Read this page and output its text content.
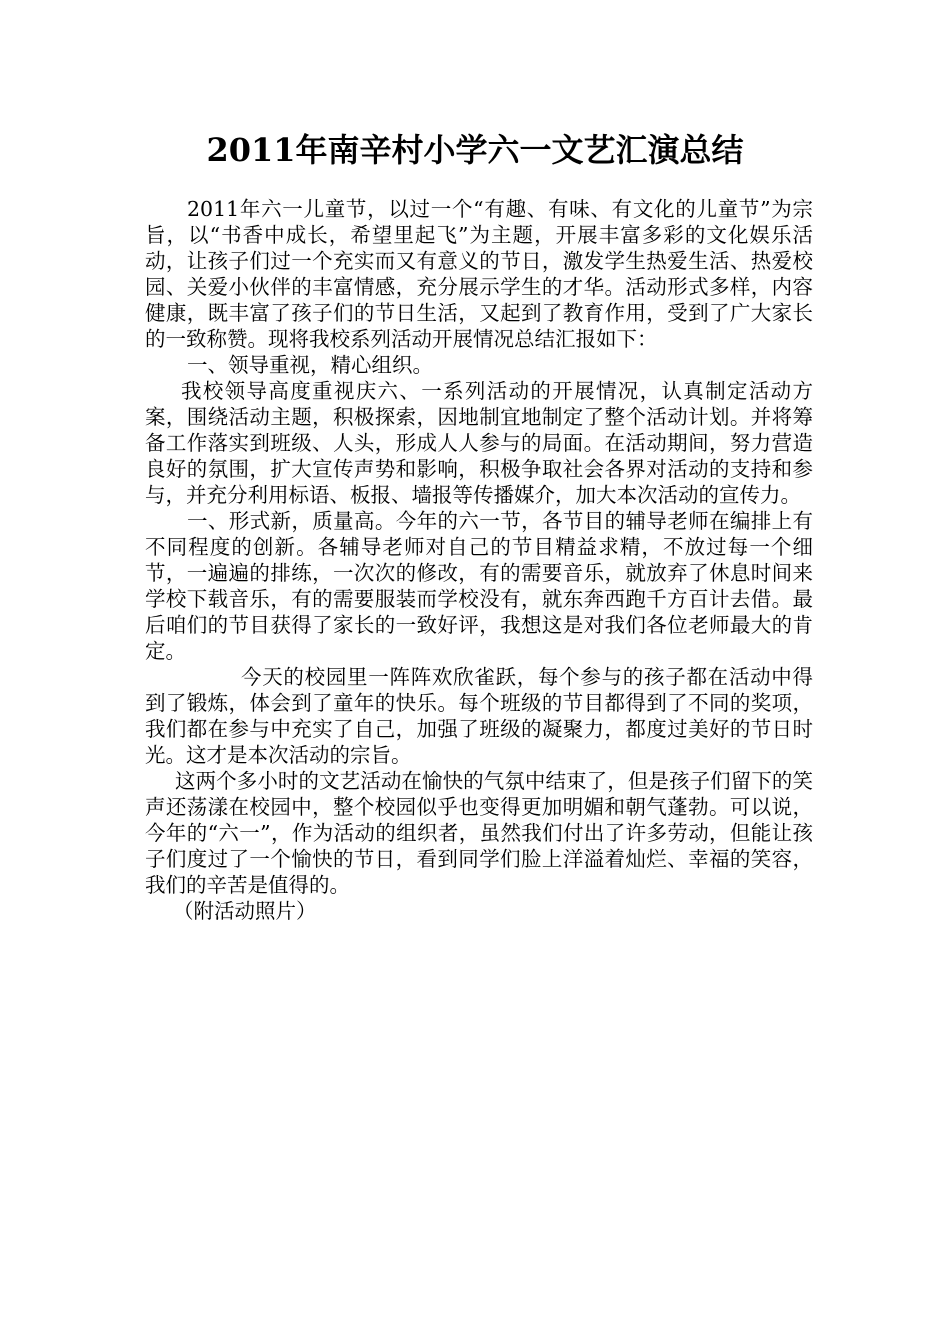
2011年南辛村小学六一文艺汇演总结

2011年六一儿童节，以过一个“有趣、有味、有文化的儿童节”为宗旨，以“书香中成长，希望里起飞”为主题，开展丰富多彩的文化娱乐活动，让孩子们过一个充实而又有意义的节日，激发学生热爱生活、热爱校园、关爱小伙伴的丰富情感，充分展示学生的才华。活动形式多样，内容健康，既丰富了孩子们的节日生活，又起到了教育作用，受到了广大家长的一致称赞。现将我校系列活动开展情况总结汇报如下：

一、领导重视，精心组织。

我校领导高度重视庆六、一系列活动的开展情况，认真制定活动方案，围绕活动主题，积极探索，因地制宜地制定了整个活动计划。并将筹备工作落实到班级、人头，形成人人参与的局面。在活动期间，努力营造良好的氛围，扩大宣传声势和影响，积极争取社会各界对活动的支持和参与，并充分利用标语、板报、墙报等传播媒介，加大本次活动的宣传力。

一、形式新，质量高。今年的六一节，各节目的辅导老师在编排上有不同程度的创新。各辅导老师对自己的节目精益求精，不放过每一个细节，一遍遍的排练，一次次的修改，有的需要音乐，就放弃了休息时间来学校下载音乐，有的需要服装而学校没有，就东奔西跑千方百计去借。最后咱们的节目获得了家长的一致好评，我想这是对我们各位老师最大的肯定。

今天的校园里一阵阵欢欣雀跃，每个参与的孩子都在活动中得到了锻炼，体会到了童年的快乐。每个班级的节目都得到了不同的奖项，我们都在参与中充实了自己，加强了班级的凝聚力，都度过美好的节日时光。这才是本次活动的宗旨。

这两个多小时的文艺活动在愉快的气氛中结束了，但是孩子们留下的笑声还荡漾在校园中，整个校园似乎也变得更加明媚和朝气蓬勃。可以说，今年的“六一”，作为活动的组织者，虽然我们付出了许多劳动，但能让孩子们度过了一个愉快的节日，看到同学们脸上洋溢着灿烂、幸福的笑容，我们的辛苦是值得的。

（附活动照片）
